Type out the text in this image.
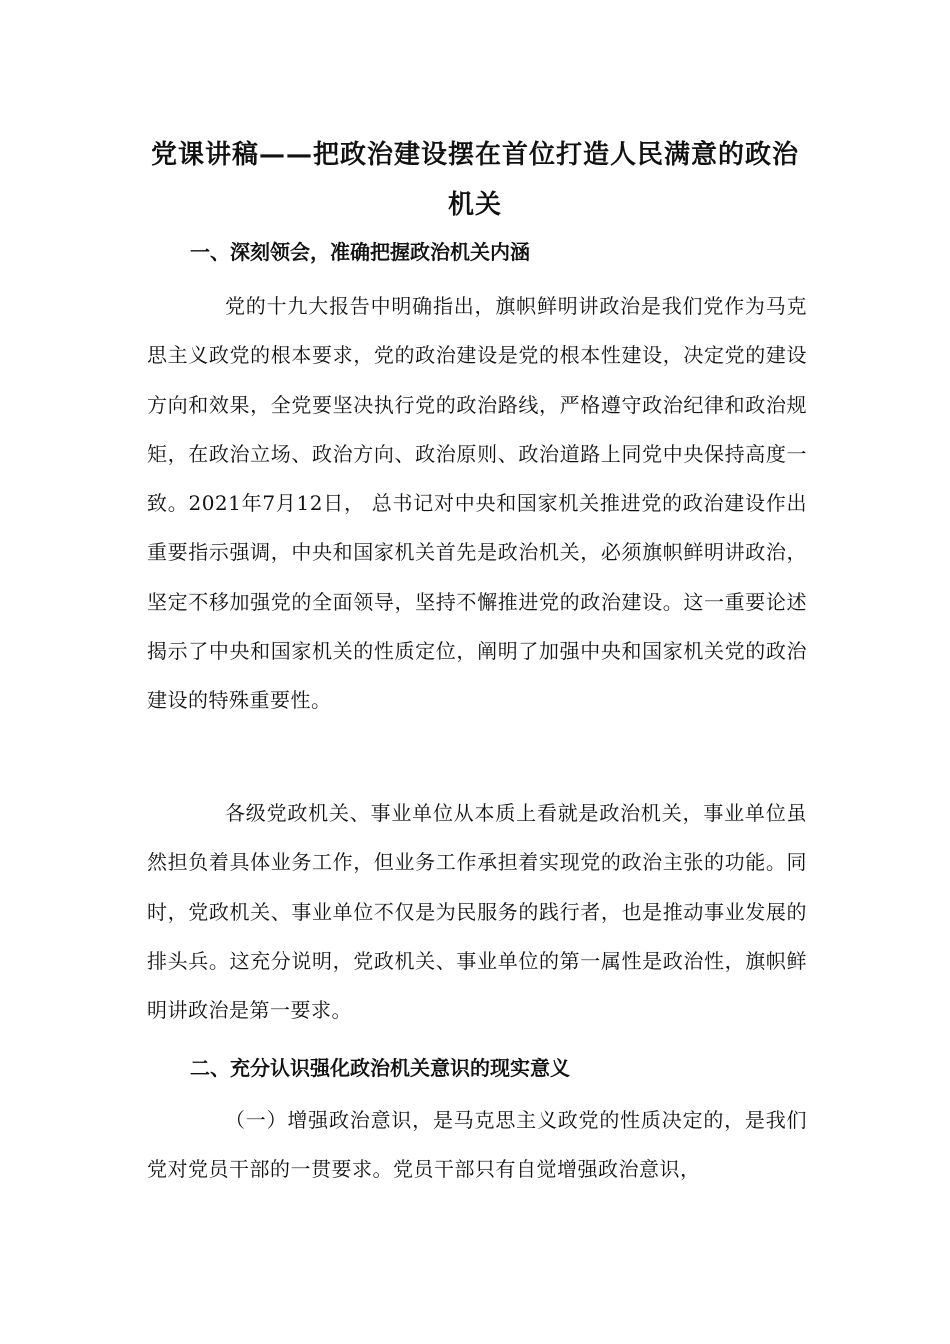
党课讲稿——把政治建设摆在首位打造人民满意的政治机关
一、深刻领会，准确把握政治机关内涵

党的十九大报告中明确指出，旗帜鲜明讲政治是我们党作为马克思主义政党的根本要求，党的政治建设是党的根本性建设，决定党的建设方向和效果，全党要坚决执行党的政治路线，严格遵守政治纪律和政治规矩，在政治立场、政治方向、政治原则、政治道路上同党中央保持高度一致。2021年7月12日， 总书记对中央和国家机关推进党的政治建设作出重要指示强调，中央和国家机关首先是政治机关，必须旗帜鲜明讲政治，坚定不移加强党的全面领导，坚持不懈推进党的政治建设。这一重要论述揭示了中央和国家机关的性质定位，阐明了加强中央和国家机关党的政治建设的特殊重要性。

各级党政机关、事业单位从本质上看就是政治机关，事业单位虽然担负着具体业务工作，但业务工作承担着实现党的政治主张的功能。同时，党政机关、事业单位不仅是为民服务的践行者，也是推动事业发展的排头兵。这充分说明，党政机关、事业单位的第一属性是政治性，旗帜鲜明讲政治是第一要求。

二、充分认识强化政治机关意识的现实意义

（一）增强政治意识，是马克思主义政党的性质决定的，是我们党对党员干部的一贯要求。党员干部只有自觉增强政治意识，
